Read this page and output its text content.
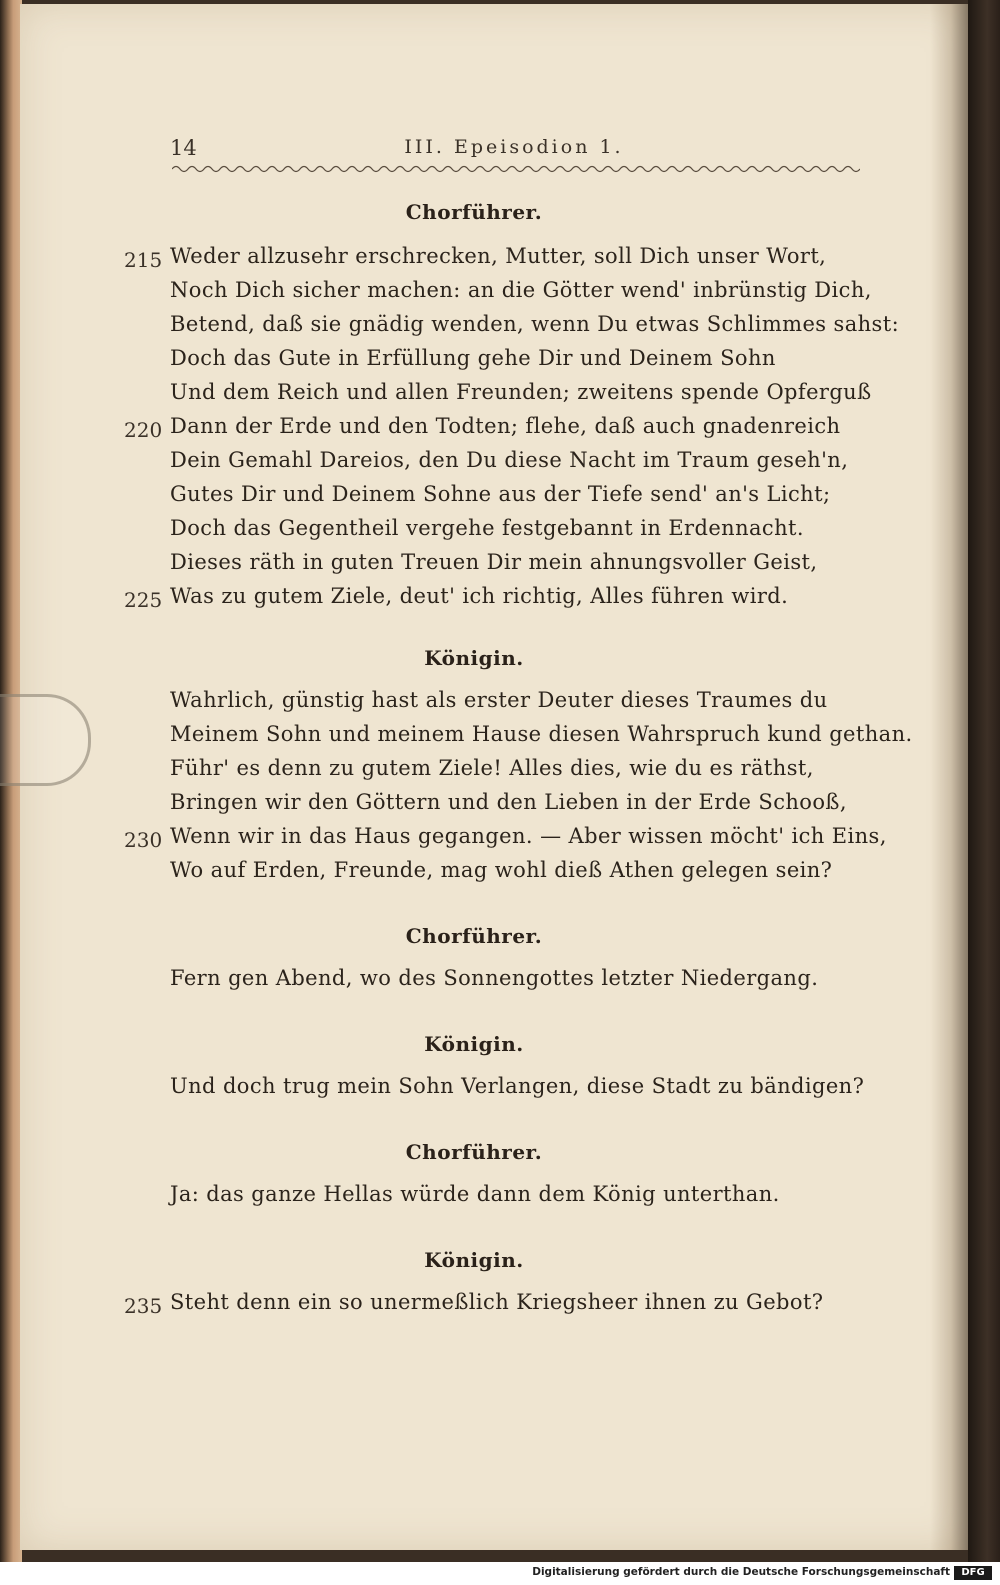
14	III. Epeisodion 1.
Chorführer.
215 Weder allzusehr erschrecken, Mutter, soll Dich unser Wort,
Noch Dich sicher machen: an die Götter wend' inbrünstig Dich,
Betend, daß sie gnädig wenden, wenn Du etwas Schlimmes sahst:
Doch das Gute in Erfüllung gehe Dir und Deinem Sohn
Und dem Reich und allen Freunden; zweitens spende Opferguß
220 Dann der Erde und den Todten; flehe, daß auch gnadenreich
Dein Gemahl Dareios, den Du diese Nacht im Traum geseh'n,
Gutes Dir und Deinem Sohne aus der Tiefe send' an's Licht;
Doch das Gegentheil vergehe festgebannt in Erdennacht.
Dieses räth in guten Treuen Dir mein ahnungsvoller Geist,
225 Was zu gutem Ziele, deut' ich richtig, Alles führen wird.
Königin.
Wahrlich, günstig hast als erster Deuter dieses Traumes du
Meinem Sohn und meinem Hause diesen Wahrspruch kund gethan.
Führ' es denn zu gutem Ziele! Alles dies, wie du es räthst,
Bringen wir den Göttern und den Lieben in der Erde Schooß,
230 Wenn wir in das Haus gegangen. — Aber wissen möcht' ich Eins,
Wo auf Erden, Freunde, mag wohl dieß Athen gelegen sein?
Chorführer.
Fern gen Abend, wo des Sonnengottes letzter Niedergang.
Königin.
Und doch trug mein Sohn Verlangen, diese Stadt zu bändigen?
Chorführer.
Ja: das ganze Hellas würde dann dem König unterthan.
Königin.
235 Steht denn ein so unermeßlich Kriegsheer ihnen zu Gebot?
Digitalisierung gefördert durch die Deutsche Forschungsgemeinschaft	DFG
